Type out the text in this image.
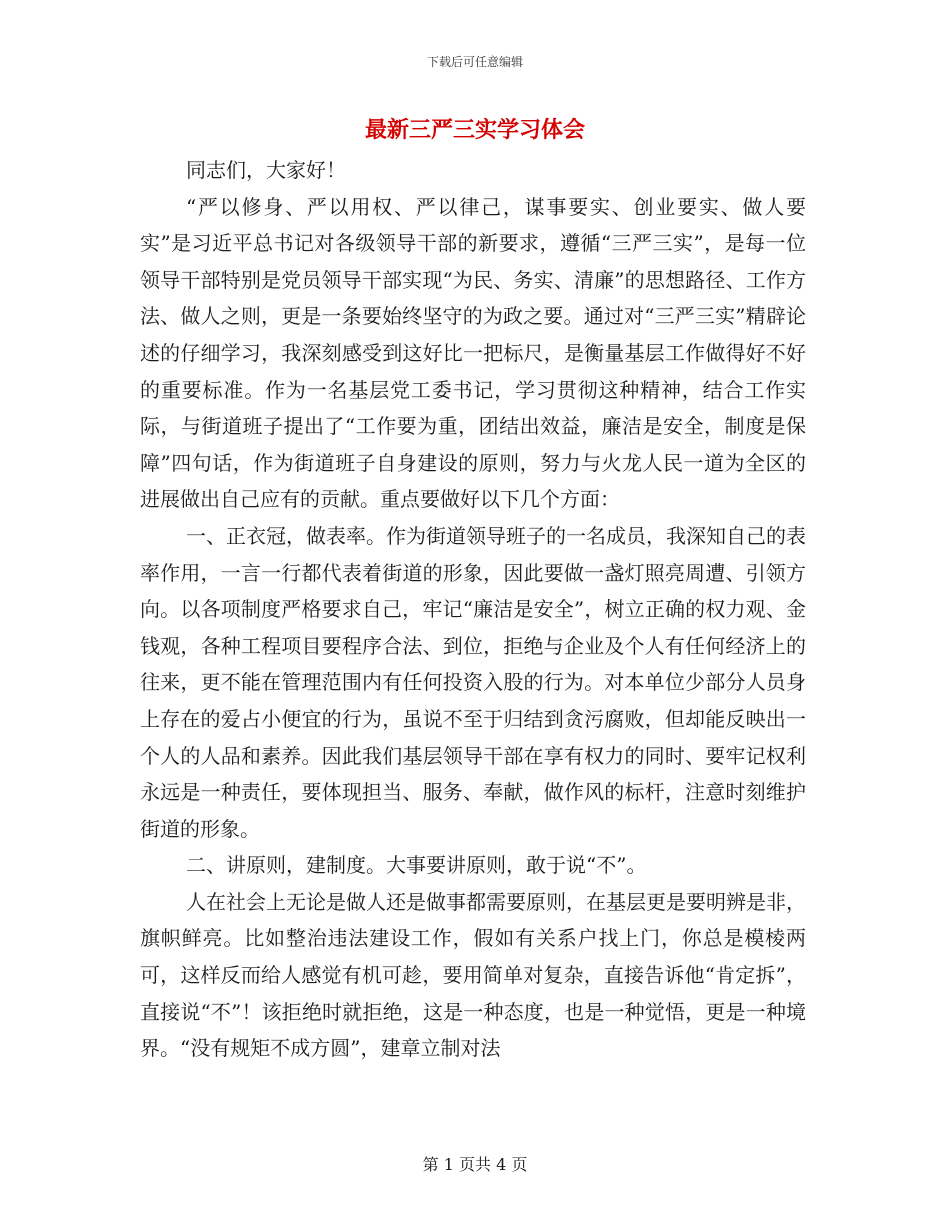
下载后可任意编辑
最新三严三实学习体会

同志们，大家好！

“严以修身、严以用权、严以律己，谋事要实、创业要实、做人要实”是习近平总书记对各级领导干部的新要求，遵循“三严三实”，是每一位领导干部特别是党员领导干部实现“为民、务实、清廉”的思想路径、工作方法、做人之则，更是一条要始终坚守的为政之要。通过对“三严三实”精辟论述的仔细学习，我深刻感受到这好比一把标尺，是衡量基层工作做得好不好的重要标准。作为一名基层党工委书记，学习贯彻这种精神，结合工作实际，与街道班子提出了“工作要为重，团结出效益，廉洁是安全，制度是保障”四句话，作为街道班子自身建设的原则，努力与火龙人民一道为全区的进展做出自己应有的贡献。重点要做好以下几个方面：

一、正衣冠，做表率。作为街道领导班子的一名成员，我深知自己的表率作用，一言一行都代表着街道的形象，因此要做一盏灯照亮周遭、引领方向。以各项制度严格要求自己，牢记“廉洁是安全”，树立正确的权力观、金钱观，各种工程项目要程序合法、到位，拒绝与企业及个人有任何经济上的往来，更不能在管理范围内有任何投资入股的行为。对本单位少部分人员身上存在的爱占小便宜的行为，虽说不至于归结到贪污腐败，但却能反映出一个人的人品和素养。因此我们基层领导干部在享有权力的同时、要牢记权利永远是一种责任，要体现担当、服务、奉献，做作风的标杆，注意时刻维护街道的形象。

二、讲原则，建制度。大事要讲原则，敢于说“不”。

人在社会上无论是做人还是做事都需要原则，在基层更是要明辨是非，旗帜鲜亮。比如整治违法建设工作，假如有关系户找上门，你总是模棱两可，这样反而给人感觉有机可趁，要用简单对复杂，直接告诉他“肯定拆”，直接说“不”！该拒绝时就拒绝，这是一种态度，也是一种觉悟，更是一种境界。“没有规矩不成方圆”，建章立制对法

第 1 页共 4 页
